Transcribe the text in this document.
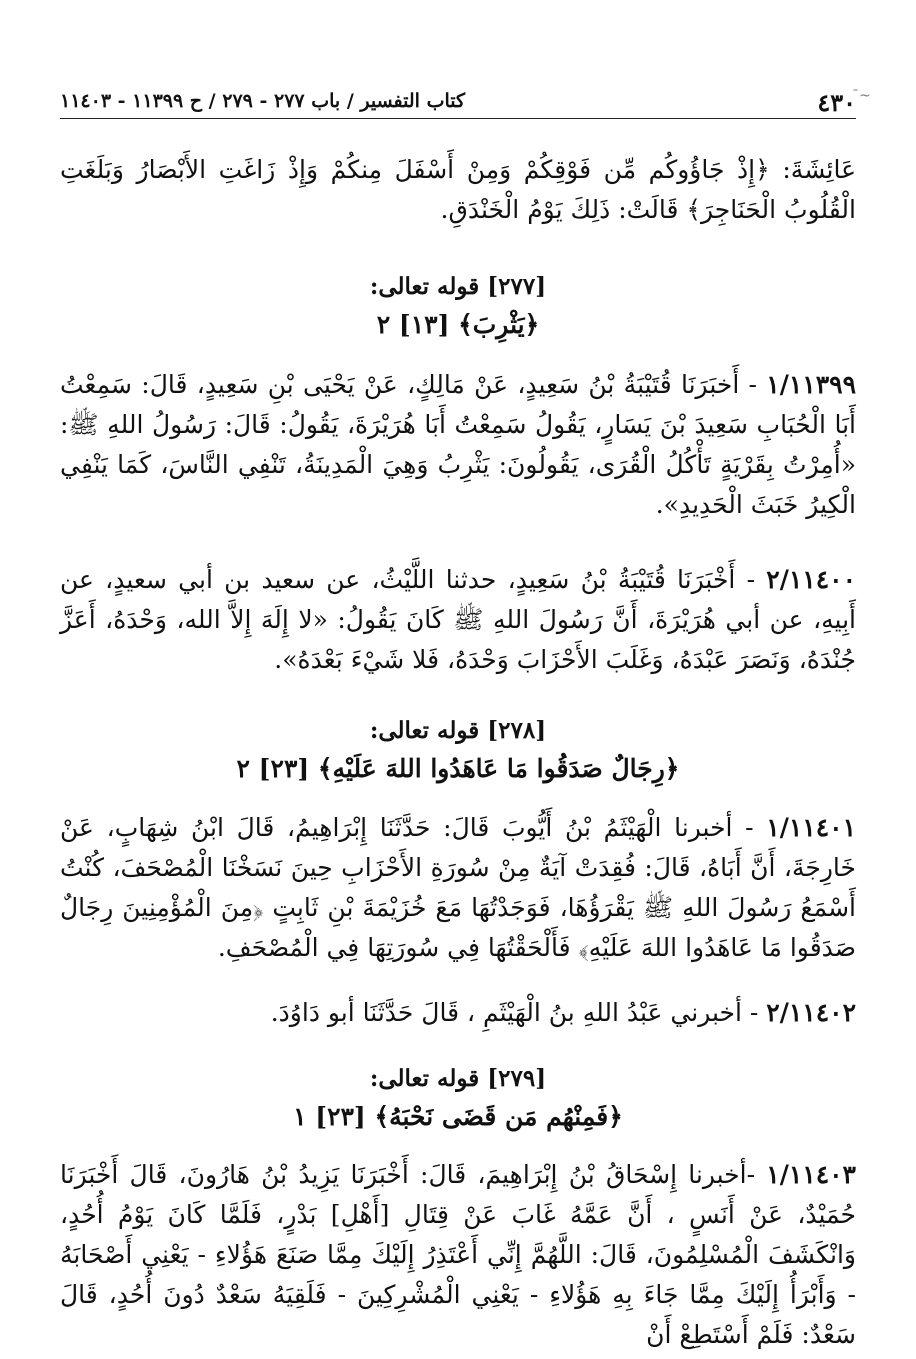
~ˉ
٤٣٠
كتاب التفسير / باب ٢٧٧ - ٢٧٩ / ح ١١٣٩٩ - ١١٤٠٣
عَائِشَةَ: ﴿إِذْ جَاؤُوكُم مِّن فَوْقِكُمْ وَمِنْ أَسْفَلَ مِنكُمْ وَإِذْ زَاغَتِ الأَبْصَارُ وَبَلَغَتِ الْقُلُوبُ الْحَنَاجِرَ﴾ قَالَتْ: ذَلِكَ يَوْمُ الْخَنْدَقِ.
[٢٧٧] قوله تعالى:
﴿يَثْرِبَ﴾ [١٣] ٢
١/١١٣٩٩ - أَخبَرَنَا قُتَيْبَةُ بْنُ سَعِيدٍ، عَنْ مَالِكٍ، عَنْ يَحْيَى بْنِ سَعِيدٍ، قَالَ: سَمِعْتُ أَبَا الْحُبَابِ سَعِيدَ بْنَ يَسَارٍ، يَقُولُ سَمِعْتُ أَبَا هُرَيْرَةَ، يَقُولُ: قَالَ: رَسُولُ اللهِ ﷺ: «أُمِرْتُ بِقَرْيَةٍ تَأْكُلُ الْقُرَى، يَقُولُونَ: يَثْرِبُ وَهِيَ الْمَدِينَةُ، تَنْفِي النَّاسَ، كَمَا يَنْفِي الْكِيرُ خَبَثَ الْحَدِيدِ».
٢/١١٤٠٠ - أَخْبَرَنَا قُتَيْبَةُ بْنُ سَعِيدٍ، حدثنا اللَّيْثُ، عن سعيد بن أبي سعيدٍ، عن أَبِيهِ، عن أبي هُرَيْرَةَ، أَنَّ رَسُولَ اللهِ ﷺ كَانَ يَقُولُ: «لا إِلَهَ إِلاَّ الله، وَحْدَهُ، أَعَزَّ جُنْدَهُ، وَنَصَرَ عَبْدَهُ، وَغَلَبَ الأَحْزَابَ وَحْدَهُ، فَلا شَيْءَ بَعْدَهُ».
[٢٧٨] قوله تعالى:
﴿رِجَالٌ صَدَقُوا مَا عَاهَدُوا اللهَ عَلَيْهِ﴾ [٢٣] ٢
١/١١٤٠١ - أخبرنا الْهَيْثَمُ بْنُ أَيُّوبَ قَالَ: حَدَّثَنَا إِبْرَاهِيمُ، قَالَ ابْنُ شِهَابٍ، عَنْ خَارِجَةَ، أَنَّ أَبَاهُ، قَالَ: فُقِدَتْ آيَةٌ مِنْ سُورَةِ الأَحْزَابِ حِينَ نَسَخْنَا الْمُصْحَفَ، كُنْتُ أَسْمَعُ رَسُولَ اللهِ ﷺ يَقْرَؤُهَا، فَوَجَدْتُهَا مَعَ خُزَيْمَةَ بْنِ ثَابِتٍ ﴿مِنَ الْمُؤْمِنِينَ رِجَالٌ صَدَقُوا مَا عَاهَدُوا اللهَ عَلَيْهِ﴾ فَأَلْحَقْتُهَا فِي سُورَتِهَا فِي الْمُصْحَفِ.
٢/١١٤٠٢ - أخبرني عَبْدُ اللهِ بنُ الْهَيْثَمِ ، قَالَ حَدَّثَنَا أبو دَاوُدَ.
[٢٧٩] قوله تعالى:
﴿فَمِنْهُم مَن قَضَى نَحْبَهُ﴾ [٢٣] ١
١/١١٤٠٣ -أخبرنا إِسْحَاقُ بْنُ إِبْرَاهِيمَ، قَالَ: أَخْبَرَنَا يَزِيدُ بْنُ هَارُونَ، قَالَ أَخْبَرَنَا حُمَيْدٌ، عَنْ أَنَسٍ ، أَنَّ عَمَّهُ غَابَ عَنْ قِتَالِ [أَهْلِ] بَدْرٍ، فَلَمَّا كَانَ يَوْمُ أُحُدٍ، وَانْكَشَفَ الْمُسْلِمُونَ، قَالَ: اللَّهُمَّ إِنِّي أَعْتَذِرُ إِلَيْكَ مِمَّا صَنَعَ هَؤُلاءِ - يَعْنِي أَصْحَابَهُ - وَأَبْرَأُ إِلَيْكَ مِمَّا جَاءَ بِهِ هَؤُلاءِ - يَعْنِي الْمُشْرِكِينَ - فَلَقِيَهُ سَعْدٌ دُونَ أُحُدٍ، قَالَ سَعْدٌ: فَلَمْ أَسْتَطِعْ أَنْ
